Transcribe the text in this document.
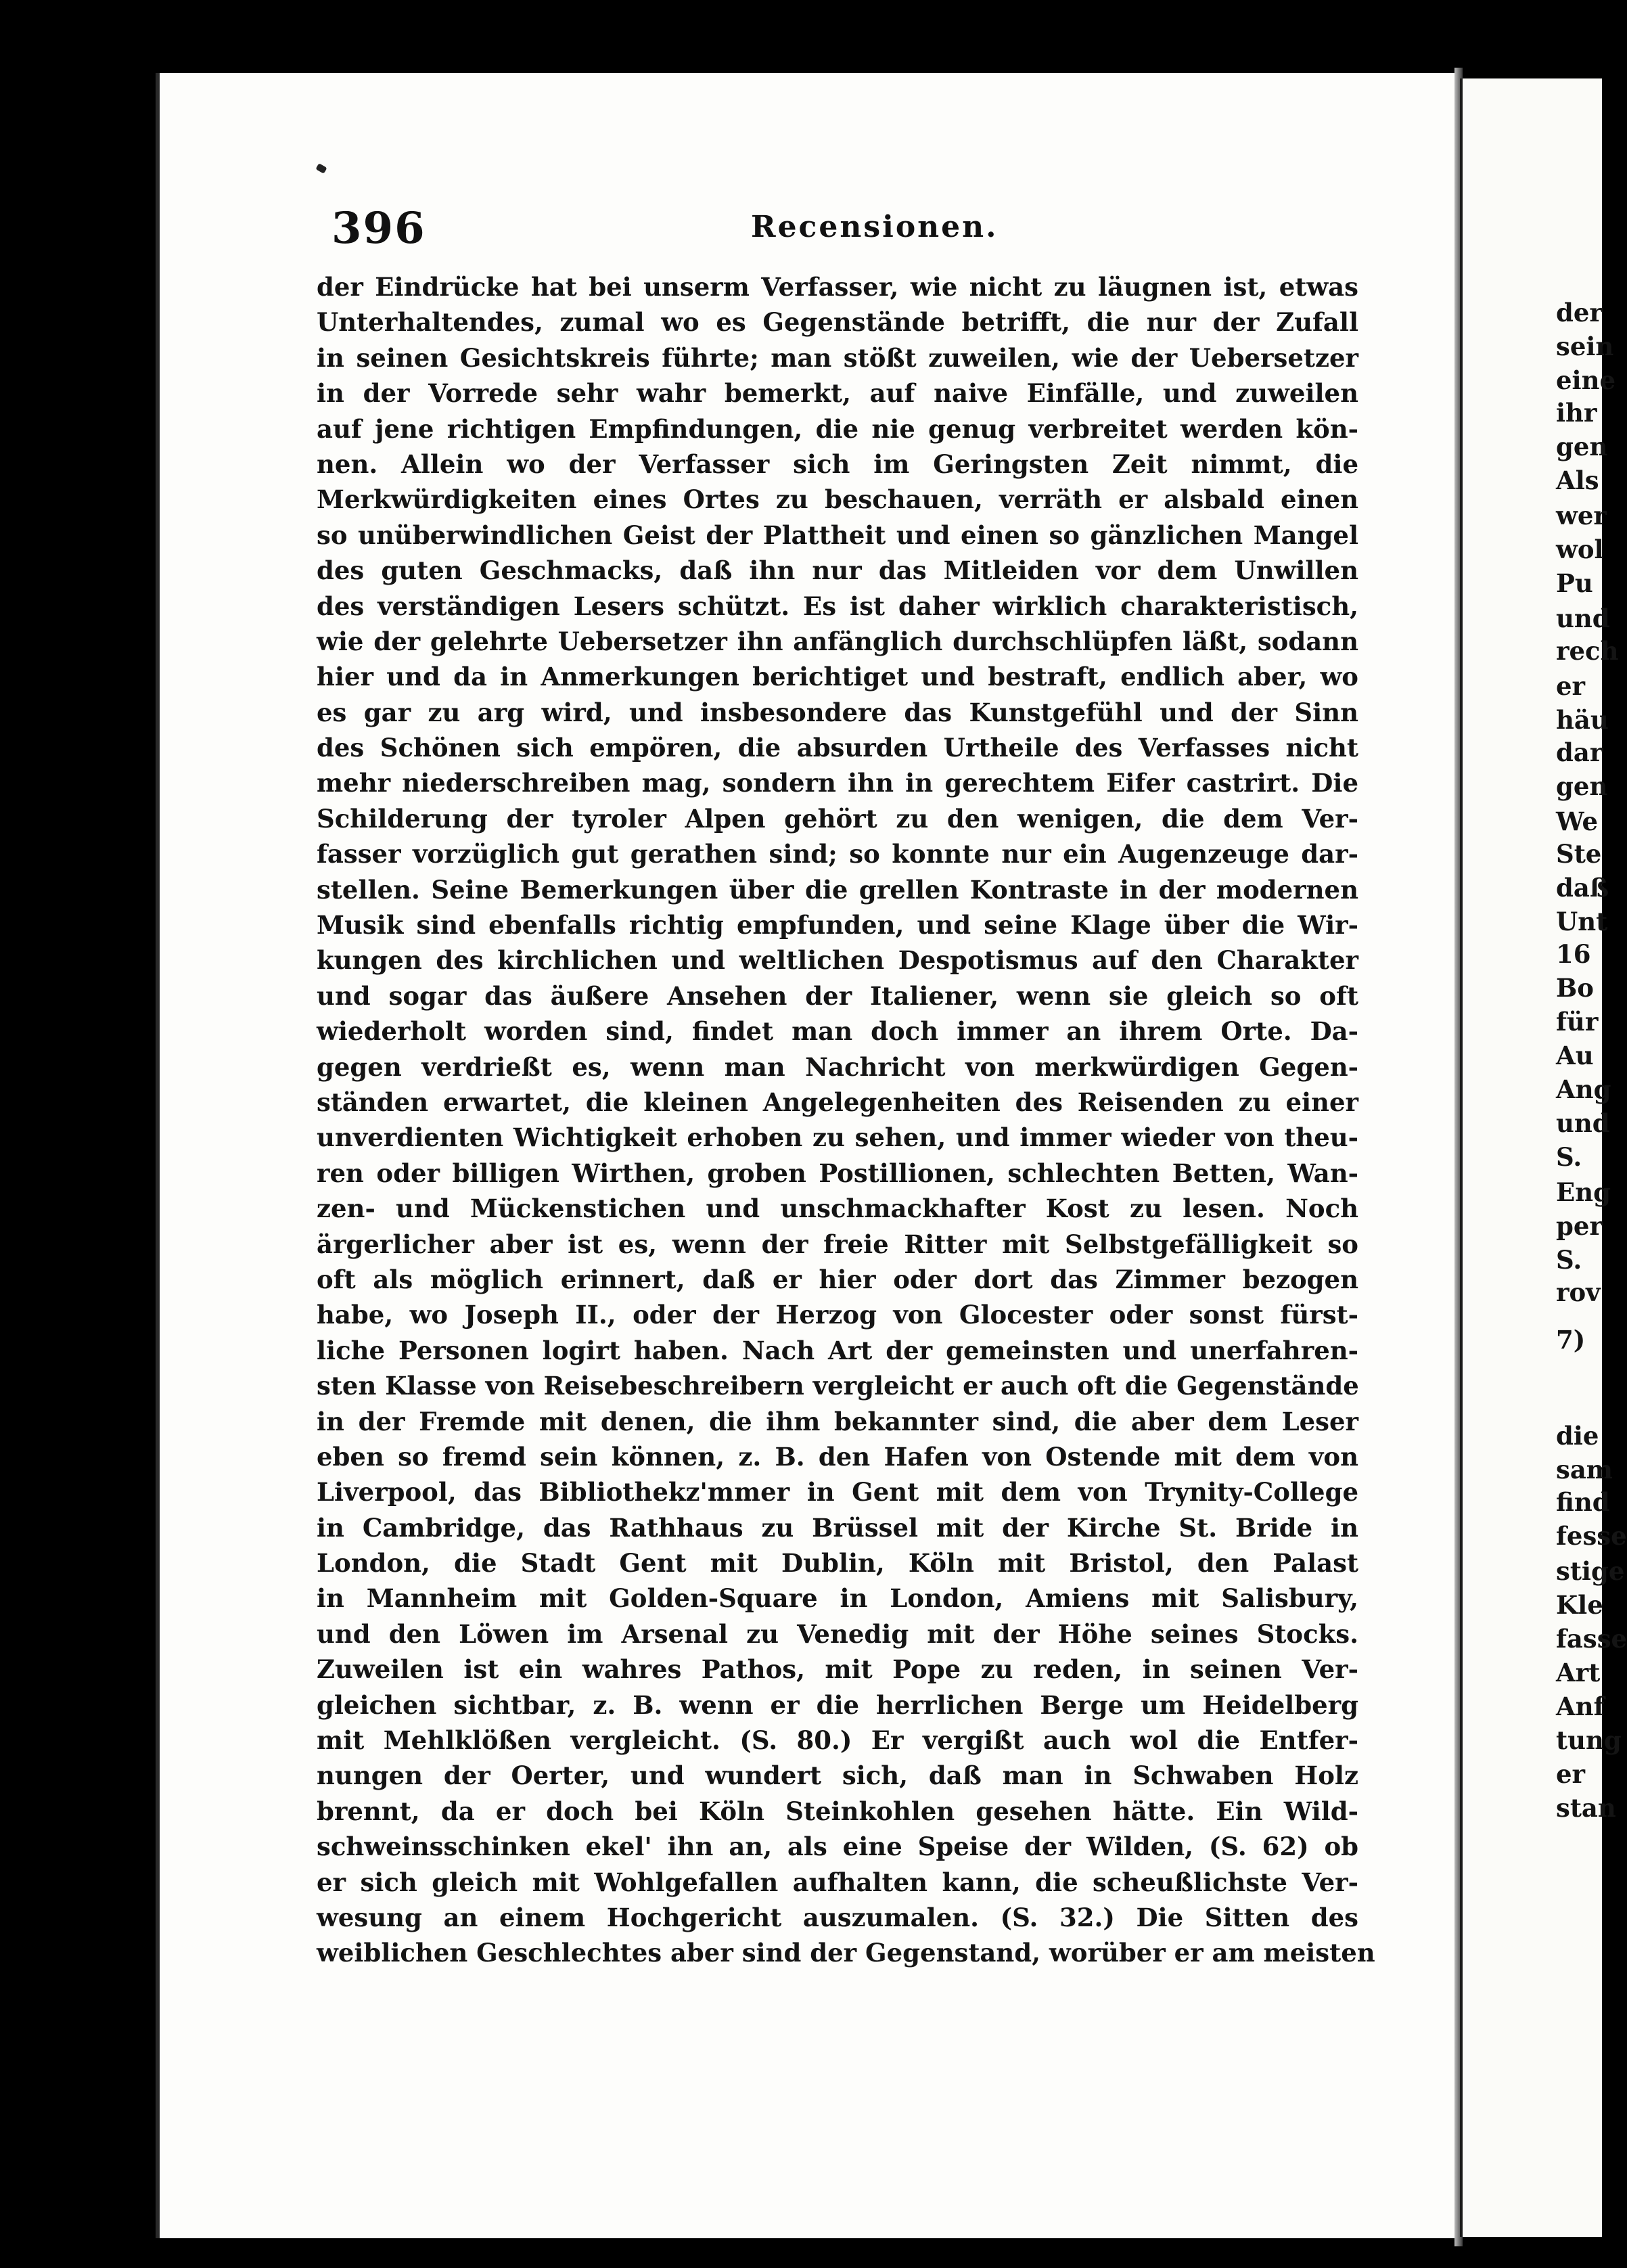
396	Recensionen.
der Eindrücke hat bei unserm Verfasser, wie nicht zu läugnen ist, etwas
Unterhaltendes, zumal wo es Gegenstände betrifft, die nur der Zufall
in seinen Gesichtskreis führte; man stößt zuweilen, wie der Uebersetzer
in der Vorrede sehr wahr bemerkt, auf naive Einfälle, und zuweilen
auf jene richtigen Empfindungen, die nie genug verbreitet werden kön-
nen. Allein wo der Verfasser sich im Geringsten Zeit nimmt, die
Merkwürdigkeiten eines Ortes zu beschauen, verräth er alsbald einen
so unüberwindlichen Geist der Plattheit und einen so gänzlichen Mangel
des guten Geschmacks, daß ihn nur das Mitleiden vor dem Unwillen
des verständigen Lesers schützt. Es ist daher wirklich charakteristisch,
wie der gelehrte Uebersetzer ihn anfänglich durchschlüpfen läßt, sodann
hier und da in Anmerkungen berichtiget und bestraft, endlich aber, wo
es gar zu arg wird, und insbesondere das Kunstgefühl und der Sinn
des Schönen sich empören, die absurden Urtheile des Verfasses nicht
mehr niederschreiben mag, sondern ihn in gerechtem Eifer castrirt. Die
Schilderung der tyroler Alpen gehört zu den wenigen, die dem Ver-
fasser vorzüglich gut gerathen sind; so konnte nur ein Augenzeuge dar-
stellen. Seine Bemerkungen über die grellen Kontraste in der modernen
Musik sind ebenfalls richtig empfunden, und seine Klage über die Wir-
kungen des kirchlichen und weltlichen Despotismus auf den Charakter
und sogar das äußere Ansehen der Italiener, wenn sie gleich so oft
wiederholt worden sind, findet man doch immer an ihrem Orte. Da-
gegen verdrießt es, wenn man Nachricht von merkwürdigen Gegen-
ständen erwartet, die kleinen Angelegenheiten des Reisenden zu einer
unverdienten Wichtigkeit erhoben zu sehen, und immer wieder von theu-
ren oder billigen Wirthen, groben Postillionen, schlechten Betten, Wan-
zen- und Mückenstichen und unschmackhafter Kost zu lesen. Noch
ärgerlicher aber ist es, wenn der freie Ritter mit Selbstgefälligkeit so
oft als möglich erinnert, daß er hier oder dort das Zimmer bezogen
habe, wo Joseph II., oder der Herzog von Glocester oder sonst fürst-
liche Personen logirt haben. Nach Art der gemeinsten und unerfahren-
sten Klasse von Reisebeschreibern vergleicht er auch oft die Gegenstände
in der Fremde mit denen, die ihm bekannter sind, die aber dem Leser
eben so fremd sein können, z. B. den Hafen von Ostende mit dem von
Liverpool, das Bibliothekz'mmer in Gent mit dem von Trynity-College
in Cambridge, das Rathhaus zu Brüssel mit der Kirche St. Bride in
London, die Stadt Gent mit Dublin, Köln mit Bristol, den Palast
in Mannheim mit Golden-Square in London, Amiens mit Salisbury,
und den Löwen im Arsenal zu Venedig mit der Höhe seines Stocks.
Zuweilen ist ein wahres Pathos, mit Pope zu reden, in seinen Ver-
gleichen sichtbar, z. B. wenn er die herrlichen Berge um Heidelberg
mit Mehlklößen vergleicht. (S. 80.) Er vergißt auch wol die Entfer-
nungen der Oerter, und wundert sich, daß man in Schwaben Holz
brennt, da er doch bei Köln Steinkohlen gesehen hätte. Ein Wild-
schweinsschinken ekel' ihn an, als eine Speise der Wilden, (S. 62) ob
er sich gleich mit Wohlgefallen aufhalten kann, die scheußlichste Ver-
wesung an einem Hochgericht auszumalen. (S. 32.) Die Sitten des
weiblichen Geschlechtes aber sind der Gegenstand, worüber er am meisten
der
sein
eine
ihr
gen
Als
wer
wol
Pu
und
rech
er
häu
dar
gen
We
Ste
daß
Unt
16
Bo
für
Au
Ang
und
S.
Eng
per
S.
rov
7)
die
sam
find
fesse
stige
Kle
fasse
Art
Anf
tung
er
stan
